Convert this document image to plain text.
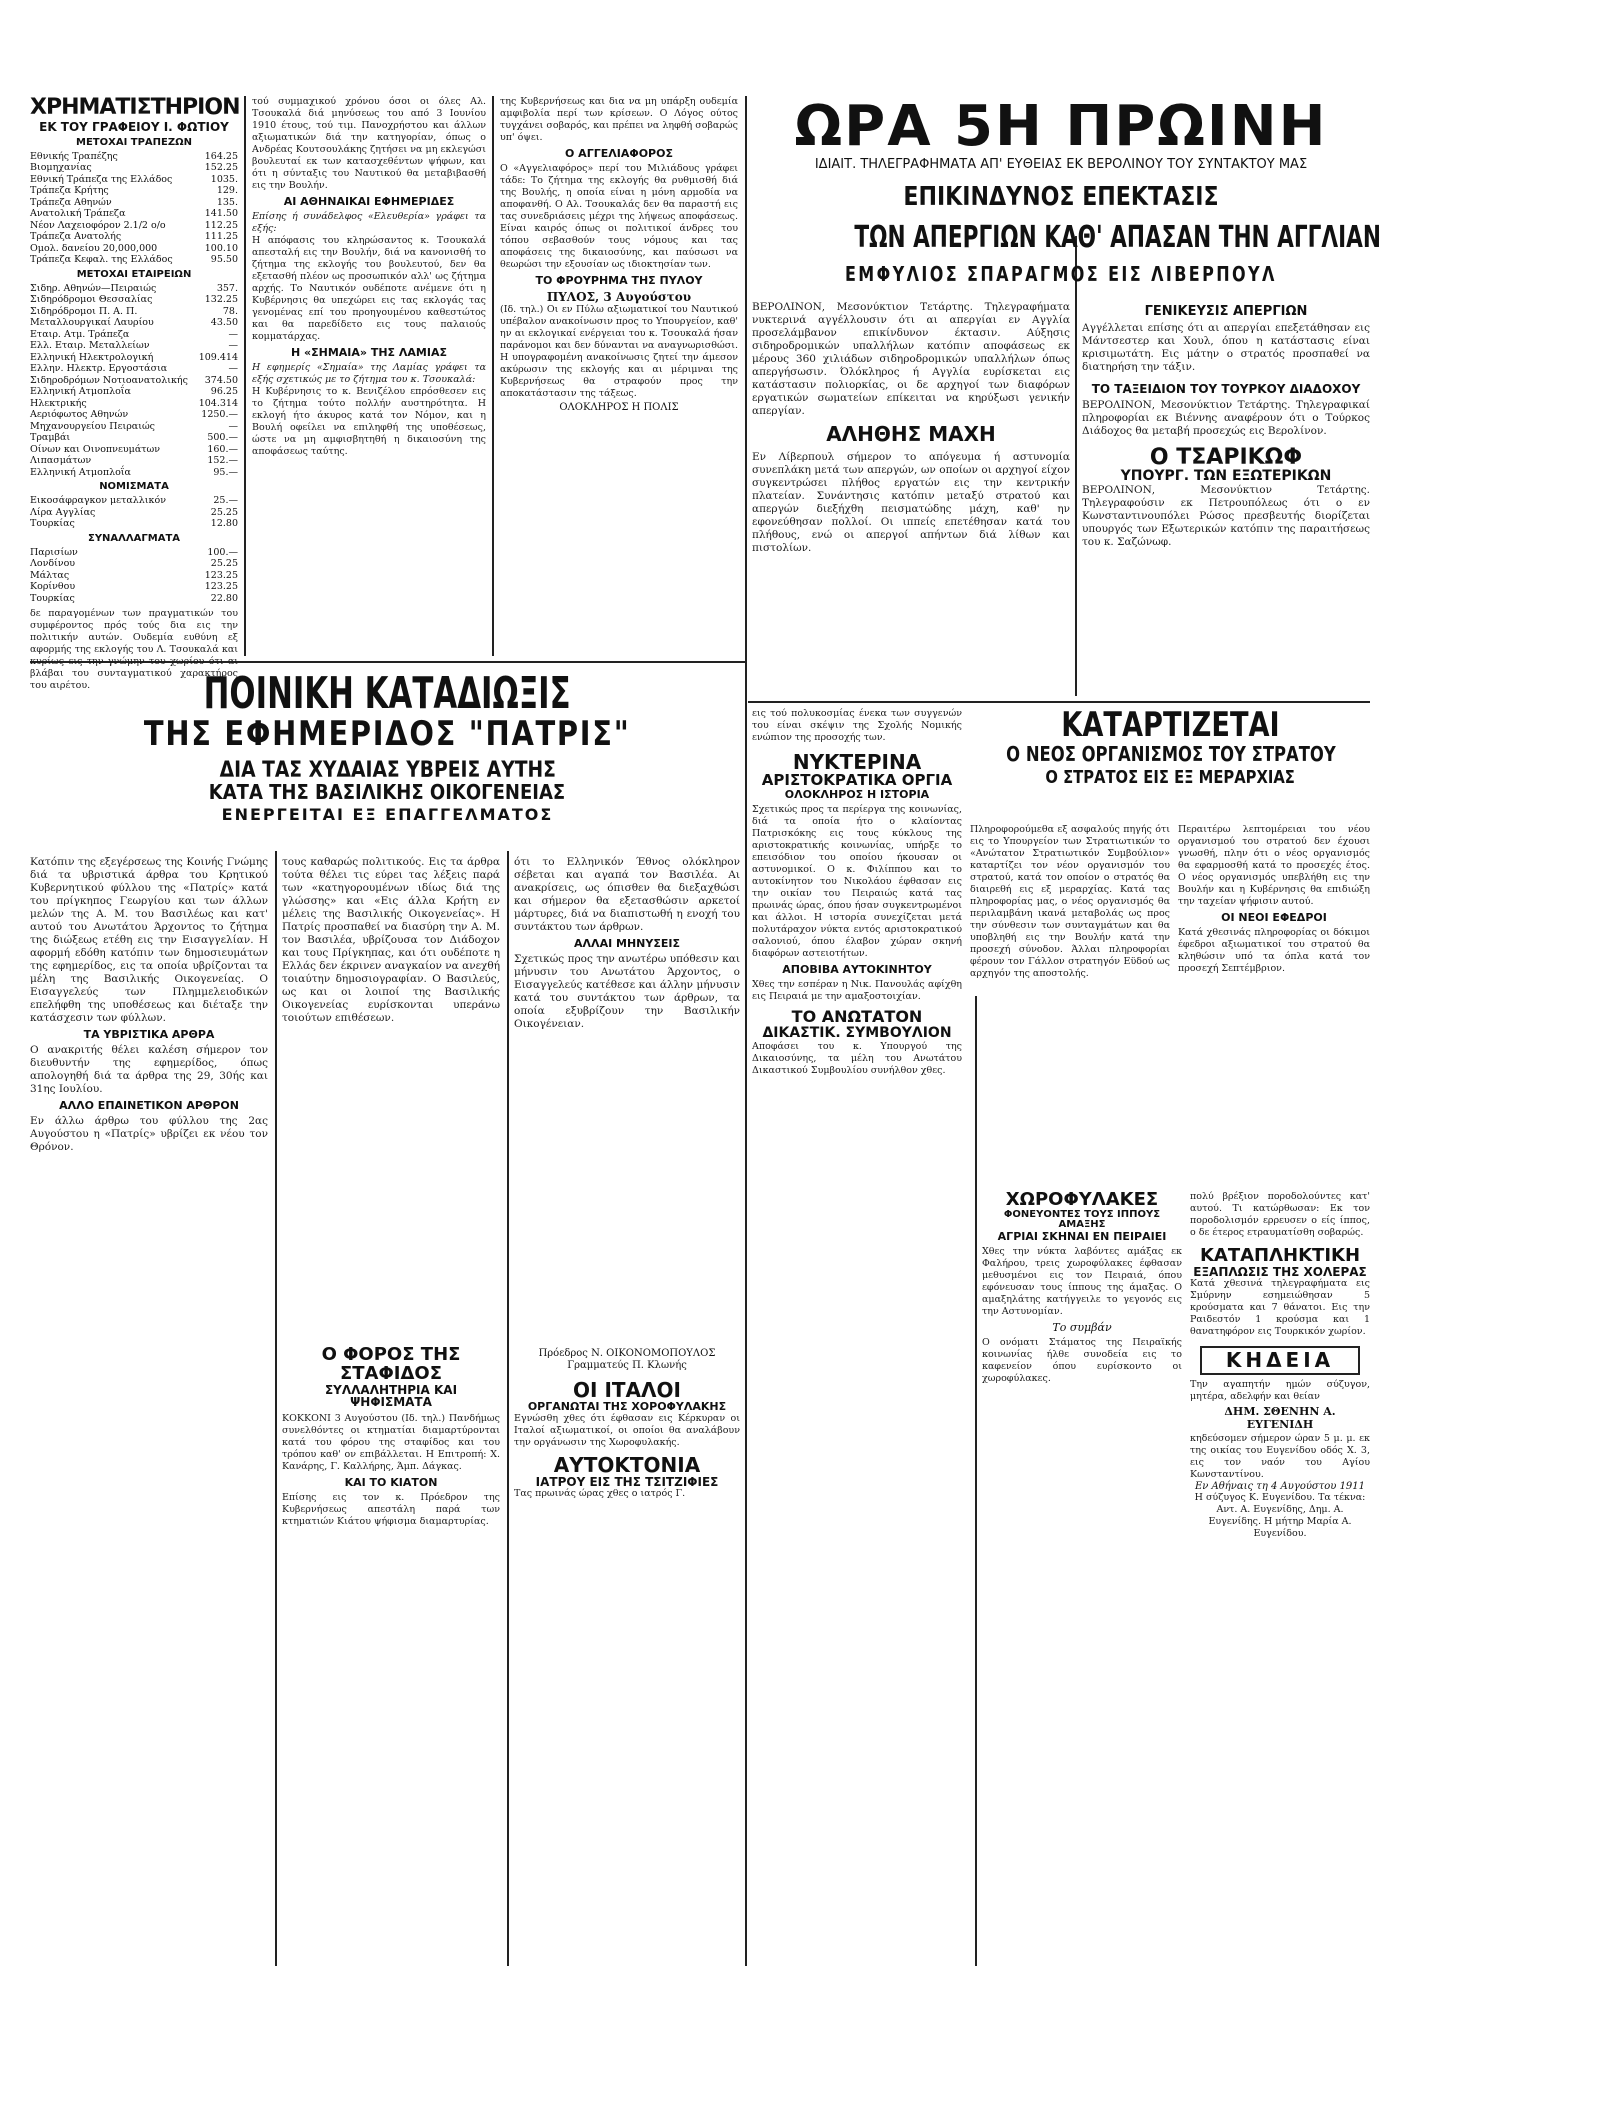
ΧΡΗΜΑΤΙΣΤΗΡΙΟΝ
ΕΚ ΤΟΥ ΓΡΑΦΕΙΟΥ Ι. ΦΩΤΙΟΥ
ΜΕΤΟΧΑΙ ΤΡΑΠΕΖΩΝ
Εθνικής Τραπέζης	164.25
Βιομηχανίας	152.25
Εθνική Τράπεζα της Ελλάδος	1035.
Τράπεζα Κρήτης	129.
Τράπεζα Αθηνών	135.
Ανατολική Τράπεζα	141.50
Νέον Λαχειοφόρον 2.1/2 ο/ο	112.25
Τράπεζα Ανατολής	111.25
Ομολ. δανείου 20,000,000	100.10
Τράπεζα Κεφαλ. της Ελλάδος	95.50
ΜΕΤΟΧΑΙ ΕΤΑΙΡΕΙΩΝ
Σιδηρ. Αθηνών—Πειραιώς	357.
Σιδηρόδρομοι Θεσσαλίας	132.25
Σιδηρόδρομοι Π. Α. Π.	78.
Μεταλλουργικαί Λαυρίου	43.50
Εταιρ. Ατμ. Τράπεζα	—
Ελλ. Εταιρ. Μεταλλείων	—
Ελληνική Ηλεκτρολογική	109.414
Ελλην. Ηλεκτρ. Εργοστάσια	—
Σιδηροδρόμων Νοτιοανατολικής 374.50
Ελληνική Ατμοπλοΐα	96.25
Ηλεκτρικής	104.314
Αεριόφωτος Αθηνών	1250.—
Μηχανουργείου Πειραιώς	—
Τραμβάι	500.—
Οίνων και Οινοπνευμάτων	160.—
Λιπασμάτων	152.—
Ελληνική Ατμοπλοΐα	95.—
ΝΟΜΙΣΜΑΤΑ
Εικοσάφραγκον μεταλλικόν	25.—
Λίρα Αγγλίας	25.25
Τουρκίας	12.80
ΣΥΝΑΛΛΑΓΜΑΤΑ
Παρισίων	100.—
Λονδίνου	25.25
Μάλτας	123.25
Κορίνθου	123.25
Τουρκίας	22.80
δε παραγομένων των πραγματικών του συμφέροντος πρός τούς δια εις την πολιτικήν αυτών. Ουδεμία ευθύνη εξ αφορμής της εκλογής του Λ. Τσουκαλά και κυρίως εις την γνώμην του χωρίου ότι αι βλάβαι του συνταγματικού χαρακτήρος του αιρέτου.
τού συμμαχικού χρόνου όσοι οι όλες Αλ. Τσουκαλά διά μηνύσεως του από 3 Ιουνίου 1910 έτους, τού τιμ. Πανοχρήστου και άλλων αξιωματικών διά την κατηγορίαν, όπως ο Ανδρέας Κουτσουλάκης ζητήσει να μη εκλεγώσι βουλευταί εκ των κατασχεθέντων ψήφων, και ότι η σύνταξις του Ναυτικού θα μεταβιβασθή εις την Βουλήν.
ΑΙ ΑΘΗΝΑΙΚΑΙ ΕΦΗΜΕΡΙΔΕΣ
Επίσης ή συνάδελφος «Ελευθερία» γράφει τα εξής:
Η απόφασις του κληρώσαντος κ. Τσουκαλά απεσταλή εις την Βουλήν, διά να κανονισθή το ζήτημα της εκλογής του βουλευτού, δεν θα εξετασθή πλέον ως προσωπικόν αλλ' ως ζήτημα αρχής. Το Ναυτικόν ουδέποτε ανέμενε ότι η Κυβέρνησις θα υπεχώρει εις τας εκλογάς τας γενομένας επί του προηγουμένου καθεστώτος και θα παρεδίδετο εις τους παλαιούς κομματάρχας.
Η «ΣΗΜΑΙΑ» ΤΗΣ ΛΑΜΙΑΣ
Η εφημερίς «Σημαία» της Λαμίας γράφει τα εξής σχετικώς με το ζήτημα του κ. Τσουκαλά:
Η Κυβέρνησις το κ. Βενιζέλου επρόσθεσεν εις το ζήτημα τούτο πολλήν αυστηρότητα. Η εκλογή ήτο άκυρος κατά τον Νόμον, και η Βουλή οφείλει να επιληφθή της υποθέσεως, ώστε να μη αμφισβητηθή η δικαιοσύνη της αποφάσεως ταύτης.
της Κυβερνήσεως και δια να μη υπάρξη ουδεμία αμφιβολία περί των κρίσεων. Ο Λόγος ούτος τυγχάνει σοβαρός, και πρέπει να ληφθή σοβαρώς υπ' όψει.
Ο ΑΓΓΕΛΙΑΦΟΡΟΣ
Ο «Αγγελιαφόρος» περί του Μιλιάδους γράφει τάδε: Το ζήτημα της εκλογής θα ρυθμισθή διά της Βουλής, η οποία είναι η μόνη αρμοδία να αποφανθή. Ο Αλ. Τσουκαλάς δεν θα παραστή εις τας συνεδριάσεις μέχρι της λήψεως αποφάσεως. Είναι καιρός όπως οι πολιτικοί άνδρες του τόπου σεβασθούν τους νόμους και τας αποφάσεις της δικαιοσύνης, και παύσωσι να θεωρώσι την εξουσίαν ως ιδιοκτησίαν των.
ΤΟ ΦΡΟΥΡΗΜΑ ΤΗΣ ΠΥΛΟΥ
ΠΥΛΟΣ, 3 Αυγούστου
(Ιδ. τηλ.) Οι εν Πύλω αξιωματικοί του Ναυτικού υπέβαλον ανακοίνωσιν προς το Υπουργείον, καθ' ην αι εκλογικαί ενέργειαι του κ. Τσουκαλά ήσαν παράνομοι και δεν δύνανται να αναγνωρισθώσι. Η υπογραφομένη ανακοίνωσις ζητεί την άμεσον ακύρωσιν της εκλογής και αι μέριμναι της Κυβερνήσεως θα στραφούν προς την αποκατάστασιν της τάξεως.
ΟΛΟΚΛΗΡΟΣ Η ΠΟΛΙΣ
ΩΡΑ 5Η ΠΡΩΙΝΗ
ΙΔΙΑΙΤ. ΤΗΛΕΓΡΑΦΗΜΑΤΑ ΑΠ' ΕΥΘΕΙΑΣ ΕΚ ΒΕΡΟΛΙΝΟΥ ΤΟΥ ΣΥΝΤΑΚΤΟΥ ΜΑΣ
ΕΠΙΚΙΝΔΥΝΟΣ ΕΠΕΚΤΑΣΙΣ
ΤΩΝ ΑΠΕΡΓΙΩΝ ΚΑΘ' ΑΠΑΣΑΝ ΤΗΝ ΑΓΓΛΙΑΝ
ΕΜΦΥΛΙΟΣ ΣΠΑΡΑΓΜΟΣ ΕΙΣ ΛΙΒΕΡΠΟΥΛ
ΒΕΡΟΛΙΝΟΝ, Μεσονύκτιον Τετάρτης. Τηλεγραφήματα νυκτερινά αγγέλλουσιν ότι αι απεργίαι εν Αγγλία προσελάμβανον επικίνδυνον έκτασιν. Αύξησις σιδηροδρομικών υπαλλήλων κατόπιν αποφάσεως εκ μέρους 360 χιλιάδων σιδηροδρομικών υπαλλήλων όπως απεργήσωσιν. Όλόκληρος ή Αγγλία ευρίσκεται εις κατάστασιν πολιορκίας, οι δε αρχηγοί των διαφόρων εργατικών σωματείων επίκειται να κηρύξωσι γενικήν απεργίαν.
ΑΛΗΘΗΣ ΜΑΧΗ
Εν Λίβερπουλ σήμερον το απόγευμα ή αστυνομία συνεπλάκη μετά των απεργών, ων οποίων οι αρχηγοί είχον συγκεντρώσει πλήθος εργατών εις την κεντρικήν πλατείαν. Συνάντησις κατόπιν μεταξύ στρατού και απεργών διεξήχθη πεισματώδης μάχη, καθ' ην εφονεύθησαν πολλοί. Οι ιππείς επετέθησαν κατά του πλήθους, ενώ οι απεργοί απήντων διά λίθων και πιστολίων.
ΓΕΝΙΚΕΥΣΙΣ ΑΠΕΡΓΙΩΝ
Αγγέλλεται επίσης ότι αι απεργίαι επεξετάθησαν εις Μάντσεστερ και Χουλ, όπου η κατάστασις είναι κρισιμωτάτη. Εις μάτην ο στρατός προσπαθεί να διατηρήση την τάξιν.
ΤΟ ΤΑΞΕΙΔΙΟΝ ΤΟΥ ΤΟΥΡΚΟΥ ΔΙΑΔΟΧΟΥ
ΒΕΡΟΛΙΝΟΝ, Μεσονύκτιον Τετάρτης. Τηλεγραφικαί πληροφορίαι εκ Βιέννης αναφέρουν ότι ο Τούρκος Διάδοχος θα μεταβή προσεχώς εις Βερολίνον.
Ο ΤΣΑΡΙΚΩΦ
ΥΠΟΥΡΓ. ΤΩΝ ΕΞΩΤΕΡΙΚΩΝ
ΒΕΡΟΛΙΝΟΝ, Μεσονύκτιον Τετάρτης. Τηλεγραφούσιν εκ Πετρουπόλεως ότι ο εν Κωνσταντινουπόλει Ρώσος πρεσβευτής διορίζεται υπουργός των Εξωτερικών κατόπιν της παραιτήσεως του κ. Σαζώνωφ.
ΠΟΙΝΙΚΗ ΚΑΤΑΔΙΩΞΙΣ
ΤΗΣ ΕΦΗΜΕΡΙΔΟΣ "ΠΑΤΡΙΣ"
ΔΙΑ ΤΑΣ ΧΥΔΑΙΑΣ ΥΒΡΕΙΣ ΑΥΤΗΣ
ΚΑΤΑ ΤΗΣ ΒΑΣΙΛΙΚΗΣ ΟΙΚΟΓΕΝΕΙΑΣ
ΕΝΕΡΓΕΙΤΑΙ ΕΞ ΕΠΑΓΓΕΛΜΑΤΟΣ
Κατόπιν της εξεγέρσεως της Κοινής Γνώμης διά τα υβριστικά άρθρα του Κρητικού Κυβερνητικού φύλλου της «Πατρίς» κατά του πρίγκηπος Γεωργίου και των άλλων μελών της Α. Μ. του Βασιλέως και κατ' αυτού του Ανωτάτου Άρχοντος το ζήτημα της διώξεως ετέθη εις την Εισαγγελίαν. Η αφορμή εδόθη κατόπιν των δημοσιευμάτων της εφημερίδος, εις τα οποία υβρίζονται τα μέλη της Βασιλικής Οικογενείας. Ο Εισαγγελεύς των Πλημμελειοδικών επελήφθη της υποθέσεως και διέταξε την κατάσχεσιν των φύλλων.
ΤΑ ΥΒΡΙΣΤΙΚΑ ΑΡΘΡΑ
Ο ανακριτής θέλει καλέση σήμερον τον διευθυντήν της εφημερίδος, όπως απολογηθή διά τα άρθρα της 29, 30ής και 31ης Ιουλίου.
ΑΛΛΟ ΕΠΑΙΝΕΤΙΚΟΝ ΑΡΘΡΟΝ
Εν άλλω άρθρω του φύλλου της 2ας Αυγούστου η «Πατρίς» υβρίζει εκ νέου τον Θρόνον.
τους καθαρώς πολιτικούς. Εις τα άρθρα τούτα θέλει τις εύρει τας λέξεις παρά των «κατηγορουμένων ιδίως διά της γλώσσης» και «Εις άλλα Κρήτη εν μέλεις της Βασιλικής Οικογενείας». Η Πατρίς προσπαθεί να διασύρη την Α. Μ. τον Βασιλέα, υβρίζουσα τον Διάδοχον και τους Πρίγκηπας, και ότι ουδέποτε η Ελλάς δεν έκρινεν αναγκαίον να ανεχθή τοιαύτην δημοσιογραφίαν. Ο Βασιλεύς, ως και οι λοιποί της Βασιλικής Οικογενείας ευρίσκονται υπεράνω τοιούτων επιθέσεων.
Ο ΦΟΡΟΣ ΤΗΣ ΣΤΑΦΙΔΟΣ
ΣΥΛΛΑΛΗΤΗΡΙΑ ΚΑΙ ΨΗΦΙΣΜΑΤΑ
ΚΟΚΚΟΝΙ 3 Αυγούστου (Ιδ. τηλ.) Πανδήμως συνελθόντες οι κτηματίαι διαμαρτύρονται κατά του φόρου της σταφίδος και του τρόπου καθ' ον επιβάλλεται. Η Επιτροπή: Χ. Κανάρης, Γ. Καλλήρης, Άμπ. Δάγκας.
ΚΑΙ ΤΟ ΚΙΑΤΟΝ
Επίσης εις τον κ. Πρόεδρον της Κυβερνήσεως απεστάλη παρά των κτηματιών Κιάτου ψήφισμα διαμαρτυρίας.
ότι το Ελληνικόν Έθνος ολόκληρον σέβεται και αγαπά τον Βασιλέα. Αι ανακρίσεις, ως όπισθεν θα διεξαχθώσι και σήμερον θα εξετασθώσιν αρκετοί μάρτυρες, διά να διαπιστωθή η ενοχή του συντάκτου των άρθρων.
ΑΛΛΑΙ ΜΗΝΥΣΕΙΣ
Σχετικώς προς την ανωτέρω υπόθεσιν και μήνυσιν του Ανωτάτου Άρχοντος, ο Εισαγγελεύς κατέθεσε και άλλην μήνυσιν κατά του συντάκτου των άρθρων, τα οποία εξυβρίζουν την Βασιλικήν Οικογένειαν.
Πρόεδρος Ν. ΟΙΚΟΝΟΜΟΠΟΥΛΟΣ Γραμματεύς Π. Κλωνής
ΟΙ ΙΤΑΛΟΙ
ΟΡΓΑΝΩΤΑΙ ΤΗΣ ΧΟΡΟΦΥΛΑΚΗΣ
Εγνώσθη χθες ότι έφθασαν εις Κέρκυραν οι Ιταλοί αξιωματικοί, οι οποίοι θα αναλάβουν την οργάνωσιν της Χωροφυλακής.
ΑΥΤΟΚΤΟΝΙΑ
ΙΑΤΡΟΥ ΕΙΣ ΤΗΣ ΤΣΙΤΖΙΦΙΕΣ
Τας πρωινάς ώρας χθες ο ιατρός Γ.
εις τού πολυκοσμίας ένεκα των συγγενών του είναι σκέψιν της Σχολής Νομικής ενώπιον της προσοχής των.
ΝΥΚΤΕΡΙΝΑ
ΑΡΙΣΤΟΚΡΑΤΙΚΑ ΟΡΓΙΑ
ΟΛΟΚΛΗΡΟΣ Η ΙΣΤΟΡΙΑ
Σχετικώς προς τα περίεργα της κοινωνίας, διά τα οποία ήτο ο κλαίοντας Πατρισκόκης εις τους κύκλους της αριστοκρατικής κοινωνίας, υπήρξε το επεισόδιον του οποίου ήκουσαν οι αστυνομικοί. Ο κ. Φιλίππου και το αυτοκίνητον του Νικολάου έφθασαν εις την οικίαν του Πειραιώς κατά τας πρωινάς ώρας, όπου ήσαν συγκεντρωμένοι και άλλοι. Η ιστορία συνεχίζεται μετά πολυτάραχον νύκτα εντός αριστοκρατικού σαλονιού, όπου έλαβον χώραν σκηνή διαφόρων αστειοτήτων.
ΑΠΟΒΙΒΑ ΑΥΤΟΚΙΝΗΤΟΥ
Χθες την εσπέραν η Νικ. Πανουλάς αφίχθη εις Πειραιά με την αμαξοστοιχίαν.
ΤΟ ΑΝΩΤΑΤΟΝ
ΔΙΚΑΣΤΙΚ. ΣΥΜΒΟΥΛΙΟΝ
Αποφάσει του κ. Υπουργού της Δικαιοσύνης, τα μέλη του Ανωτάτου Δικαστικού Συμβουλίου συνήλθον χθες.
ΚΑΤΑΡΤΙΖΕΤΑΙ
Ο ΝΕΟΣ ΟΡΓΑΝΙΣΜΟΣ ΤΟΥ ΣΤΡΑΤΟΥ
Ο ΣΤΡΑΤΟΣ ΕΙΣ ΕΞ ΜΕΡΑΡΧΙΑΣ
Πληροφορούμεθα εξ ασφαλούς πηγής ότι εις το Υπουργείον των Στρατιωτικών το «Ανώτατον Στρατιωτικόν Συμβούλιον» καταρτίζει τον νέον οργανισμόν του στρατού, κατά τον οποίον ο στρατός θα διαιρεθή εις εξ μεραρχίας. Κατά τας πληροφορίας μας, ο νέος οργανισμός θα περιλαμβάνη ικανά μεταβολάς ως προς την σύνθεσιν των συνταγμάτων και θα υποβληθή εις την Βουλήν κατά την προσεχή σύνοδον. Άλλαι πληροφορίαι φέρουν τον Γάλλον στρατηγόν Εϋδού ως αρχηγόν της αποστολής.
Περαιτέρω λεπτομέρειαι του νέου οργανισμού του στρατού δεν έχουσι γνωσθή, πλην ότι ο νέος οργανισμός θα εφαρμοσθή κατά το προσεχές έτος. Ο νέος οργανισμός υπεβλήθη εις την Βουλήν και η Κυβέρνησις θα επιδιώξη την ταχείαν ψήφισιν αυτού.
ΟΙ ΝΕΟΙ ΕΦΕΔΡΟΙ
Κατά χθεσινάς πληροφορίας οι δόκιμοι έφεδροι αξιωματικοί του στρατού θα κληθώσιν υπό τα όπλα κατά τον προσεχή Σεπτέμβριον.
ΧΩΡΟΦΥΛΑΚΕΣ
ΦΟΝΕΥΟΝΤΕΣ ΤΟΥΣ ΙΠΠΟΥΣ ΑΜΑΞΗΣ
ΑΓΡΙΑΙ ΣΚΗΝΑΙ ΕΝ ΠΕΙΡΑΙΕΙ
Χθες την νύκτα λαβόντες αμάξας εκ Φαλήρου, τρεις χωροφύλακες έφθασαν μεθυσμένοι εις τον Πειραιά, όπου εφόνευσαν τους ίππους της άμαξας. Ο αμαξηλάτης κατήγγειλε το γεγονός εις την Αστυνομίαν.
Το συμβάν
Ο ονόματι Στάματος της Πειραϊκής κοινωνίας ήλθε συνοδεία εις το καφενείον όπου ευρίσκοντο οι χωροφύλακες.
πολύ βρέξιον ποροδολούντες κατ' αυτού. Τι κατώρθωσαν: Εκ τον ποροδολισμόν ερρευσεν ο είς ίππος, ο δε έτερος ετραυματίσθη σοβαρώς.
ΚΑΤΑΠΛΗΚΤΙΚΗ
ΕΞΑΠΛΩΣΙΣ ΤΗΣ ΧΟΛΕΡΑΣ
Κατά χθεσινά τηλεγραφήματα εις Σμύρνην εσημειώθησαν 5 κρούσματα και 7 θάνατοι. Εις την Ραιδεστόν 1 κρούσμα και 1 θανατηφόρον εις Τουρκικόν χωρίον.
ΚΗΔΕΙΑ
Την αγαπητήν ημών σύζυγον, μητέρα, αδελφήν και θείαν
ΔΗΜ. ΣΘΕΝΗΝ Α. ΕΥΓΕΝΙΔΗ
κηδεύσομεν σήμερον ώραν 5 μ. μ. εκ της οικίας του Ευγενίδου οδός Χ. 3, εις τον ναόν του Αγίου Κωνσταντίνου.
Εν Αθήναις τη 4 Αυγούστου 1911
Η σύζυγος Κ. Ευγενίδου. Τα τέκνα: Αντ. Α. Ευγενίδης, Δημ. Α. Ευγενίδης. Η μήτηρ Μαρία Α. Ευγενίδου.
